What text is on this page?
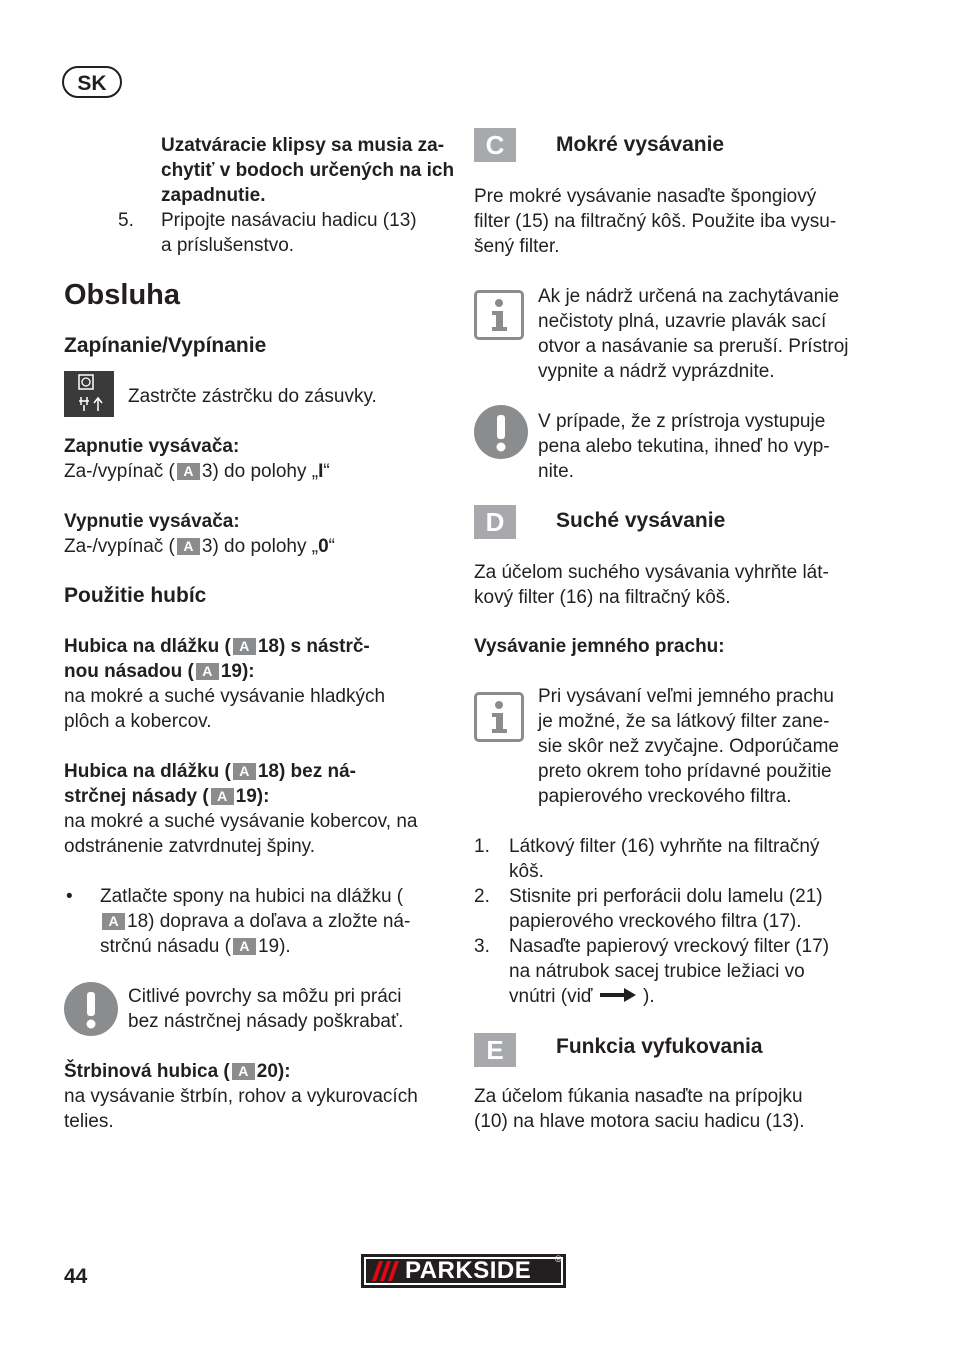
SK
Uzatváracie klipsy sa musia za-
chytiť v bodoch určených na ich
zapadnutie.
5. Pripojte nasávaciu hadicu (13)
a príslušenstvo.
Obsluha
Zapínanie/Vypínanie
Zastrčte zástrčku do zásuvky.
Zapnutie vysávača:
Za-/vypínač ( A 3) do polohy „I“
Vypnutie vysávača:
Za-/vypínač ( A 3) do polohy „0“
Použitie hubíc
Hubica na dlážku ( A 18) s nástrč-
nou násadou ( A 19):
na mokré a suché vysávanie hladkých
plôch a kobercov.
Hubica na dlážku ( A 18) bez ná-
strčnej násady ( A 19):
na mokré a suché vysávanie kobercov, na
odstránenie zatvrdnutej špiny.
• Zatlačte spony na hubici na dlážku (
A 18) doprava a doľava a zložte ná-
strčnú násadu ( A 19).
Citlivé povrchy sa môžu pri práci
bez nástrčnej násady poškrabať.
Štrbinová hubica ( A 20):
na vysávanie štrbín, rohov a vykurovacích
telies.
C	Mokré vysávanie
Pre mokré vysávanie nasaďte špongiový
filter (15) na filtračný kôš. Použite iba vysu-
šený filter.
Ak je nádrž určená na zachytávanie
nečistoty plná, uzavrie plavák sací
otvor a nasávanie sa preruší. Prístroj
vypnite a nádrž vyprázdnite.
V prípade, že z prístroja vystupuje
pena alebo tekutina, ihneď ho vyp-
nite.
D	Suché vysávanie
Za účelom suchého vysávania vyhrňte lát-
kový filter (16) na filtračný kôš.
Vysávanie jemného prachu:
Pri vysávaní veľmi jemného prachu
je možné, že sa látkový filter zane-
sie skôr než zvyčajne. Odporúčame
preto okrem toho prídavné použitie
papierového vreckového filtra.
1. Látkový filter (16) vyhrňte na filtračný
kôš.
2. Stisnite pri perforácii dolu lamelu (21)
papierového vreckového filtra (17).
3. Nasaďte papierový vreckový filter (17)
na nátrubok sacej trubice ležiaci vo
vnútri (viď	).
E	Funkcia vyfukovania
Za účelom fúkania nasaďte na prípojku
(10) na hlave motora saciu hadicu (13).
44	PARKSIDE	®
